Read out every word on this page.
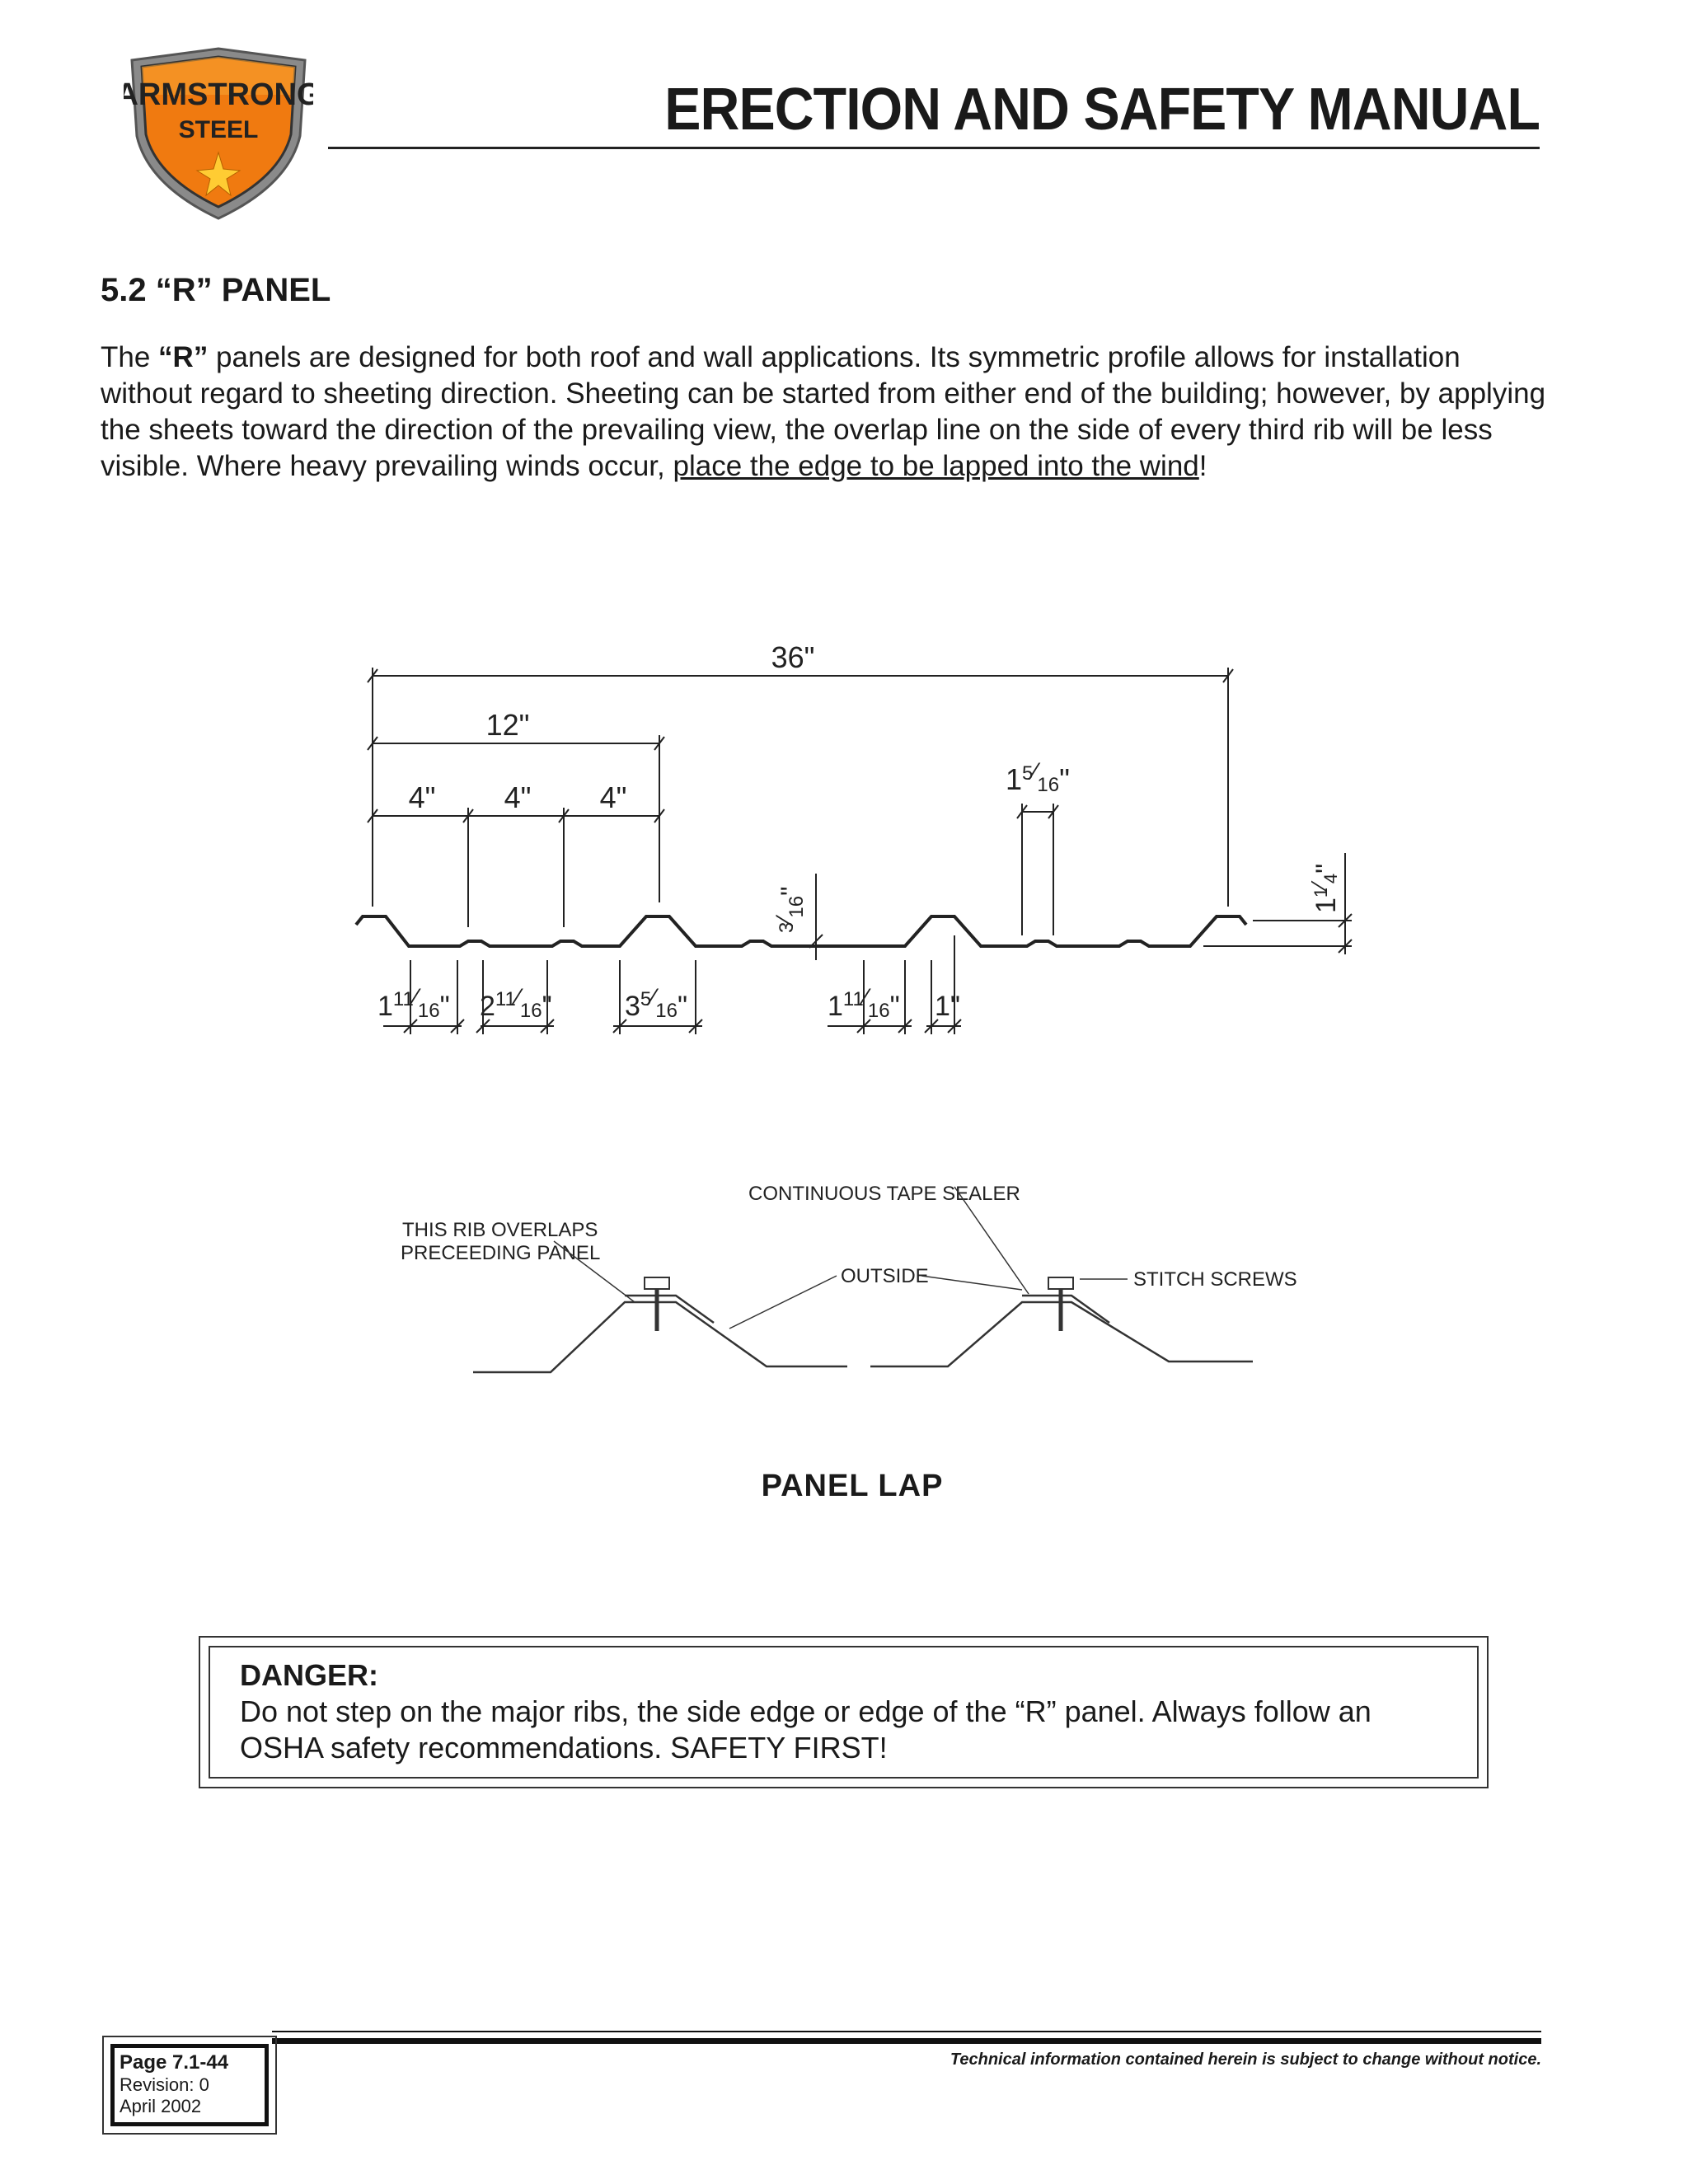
ARMSTRONG
STEEL	ERECTION AND SAFETY MANUAL
5.2 “R” PANEL
The “R” panels are designed for both roof and wall applications. Its symmetric profile allows for installation without regard to sheeting direction. Sheeting can be started from either end of the building; however, by applying the sheets toward the direction of the prevailing view, the overlap line on the side of every third rib will be less visible. Where heavy prevailing winds occur, place the edge to be lapped into the wind!
36"
12"
4" 4" 4"
$1^5⁄_{16}$"
$1^1⁄_4$"
$^3⁄_{16}$"
$1^{11}⁄_{16}$" $2^{11}⁄_{16}$"	$3^5⁄_{16}$"	$1^{11}⁄_{16}$" 1"
THIS RIB OVERLAPS
PRECEEDING PANEL
CONTINUOUS TAPE SEALER
OUTSIDE	STITCH SCREWS
PANEL LAP
DANGER:
Do not step on the major ribs, the side edge or edge of the “R” panel. Always follow an
OSHA safety recommendations. SAFETY FIRST!
Page 7.1-44
Revision: 0
April 2002
Technical information contained herein is subject to change without notice.
